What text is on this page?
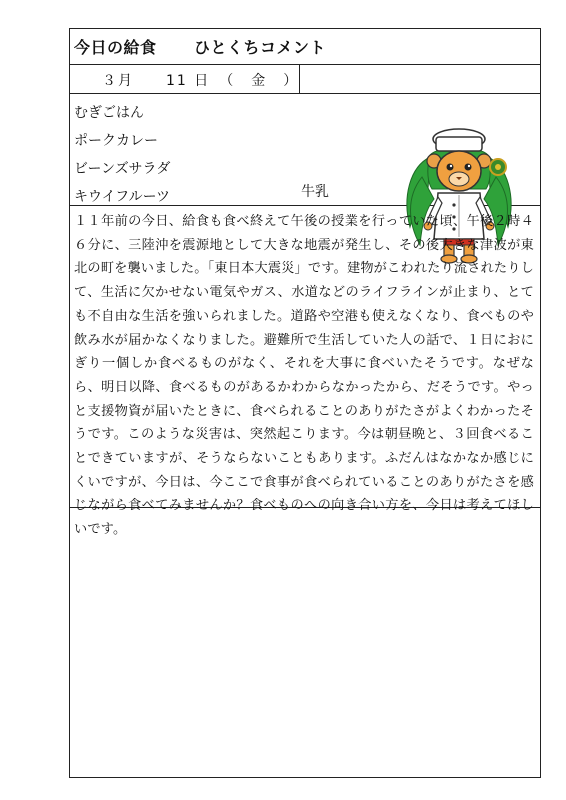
今日の給食 ひとくちコメント
３月　　11 日　（　金　）
むぎごはん
ポークカレー
ビーンズサラダ
キウイフルーツ	牛乳
１１年前の今日、給食も食べ終えて午後の授業を行っていた頃、午後２時４６分に、三陸沖を震源地として大きな地震が発生し、その後大きな津波が東北の町を襲いました。「東日本大震災」です。建物がこわれたり流されたりして、生活に欠かせない電気やガス、水道などのライフラインが止まり、とても不自由な生活を強いられました。道路や空港も使えなくなり、食べものや飲み水が届かなくなりました。避難所で生活していた人の話で、１日におにぎり一個しか食べるものがなく、それを大事に食べいたそうです。なぜなら、明日以降、食べるものがあるかわからなかったから、だそうです。やっと支援物資が届いたときに、食べられることのありがたさがよくわかったそうです。このような災害は、突然起こります。今は朝昼晩と、３回食べることできていますが、そうならないこともあります。ふだんはなかなか感じにくいですが、今日は、今ここで食事が食べられていることのありがたさを感じながら食べてみませんか？食べものへの向き合い方を、今日は考えてほしいです。
